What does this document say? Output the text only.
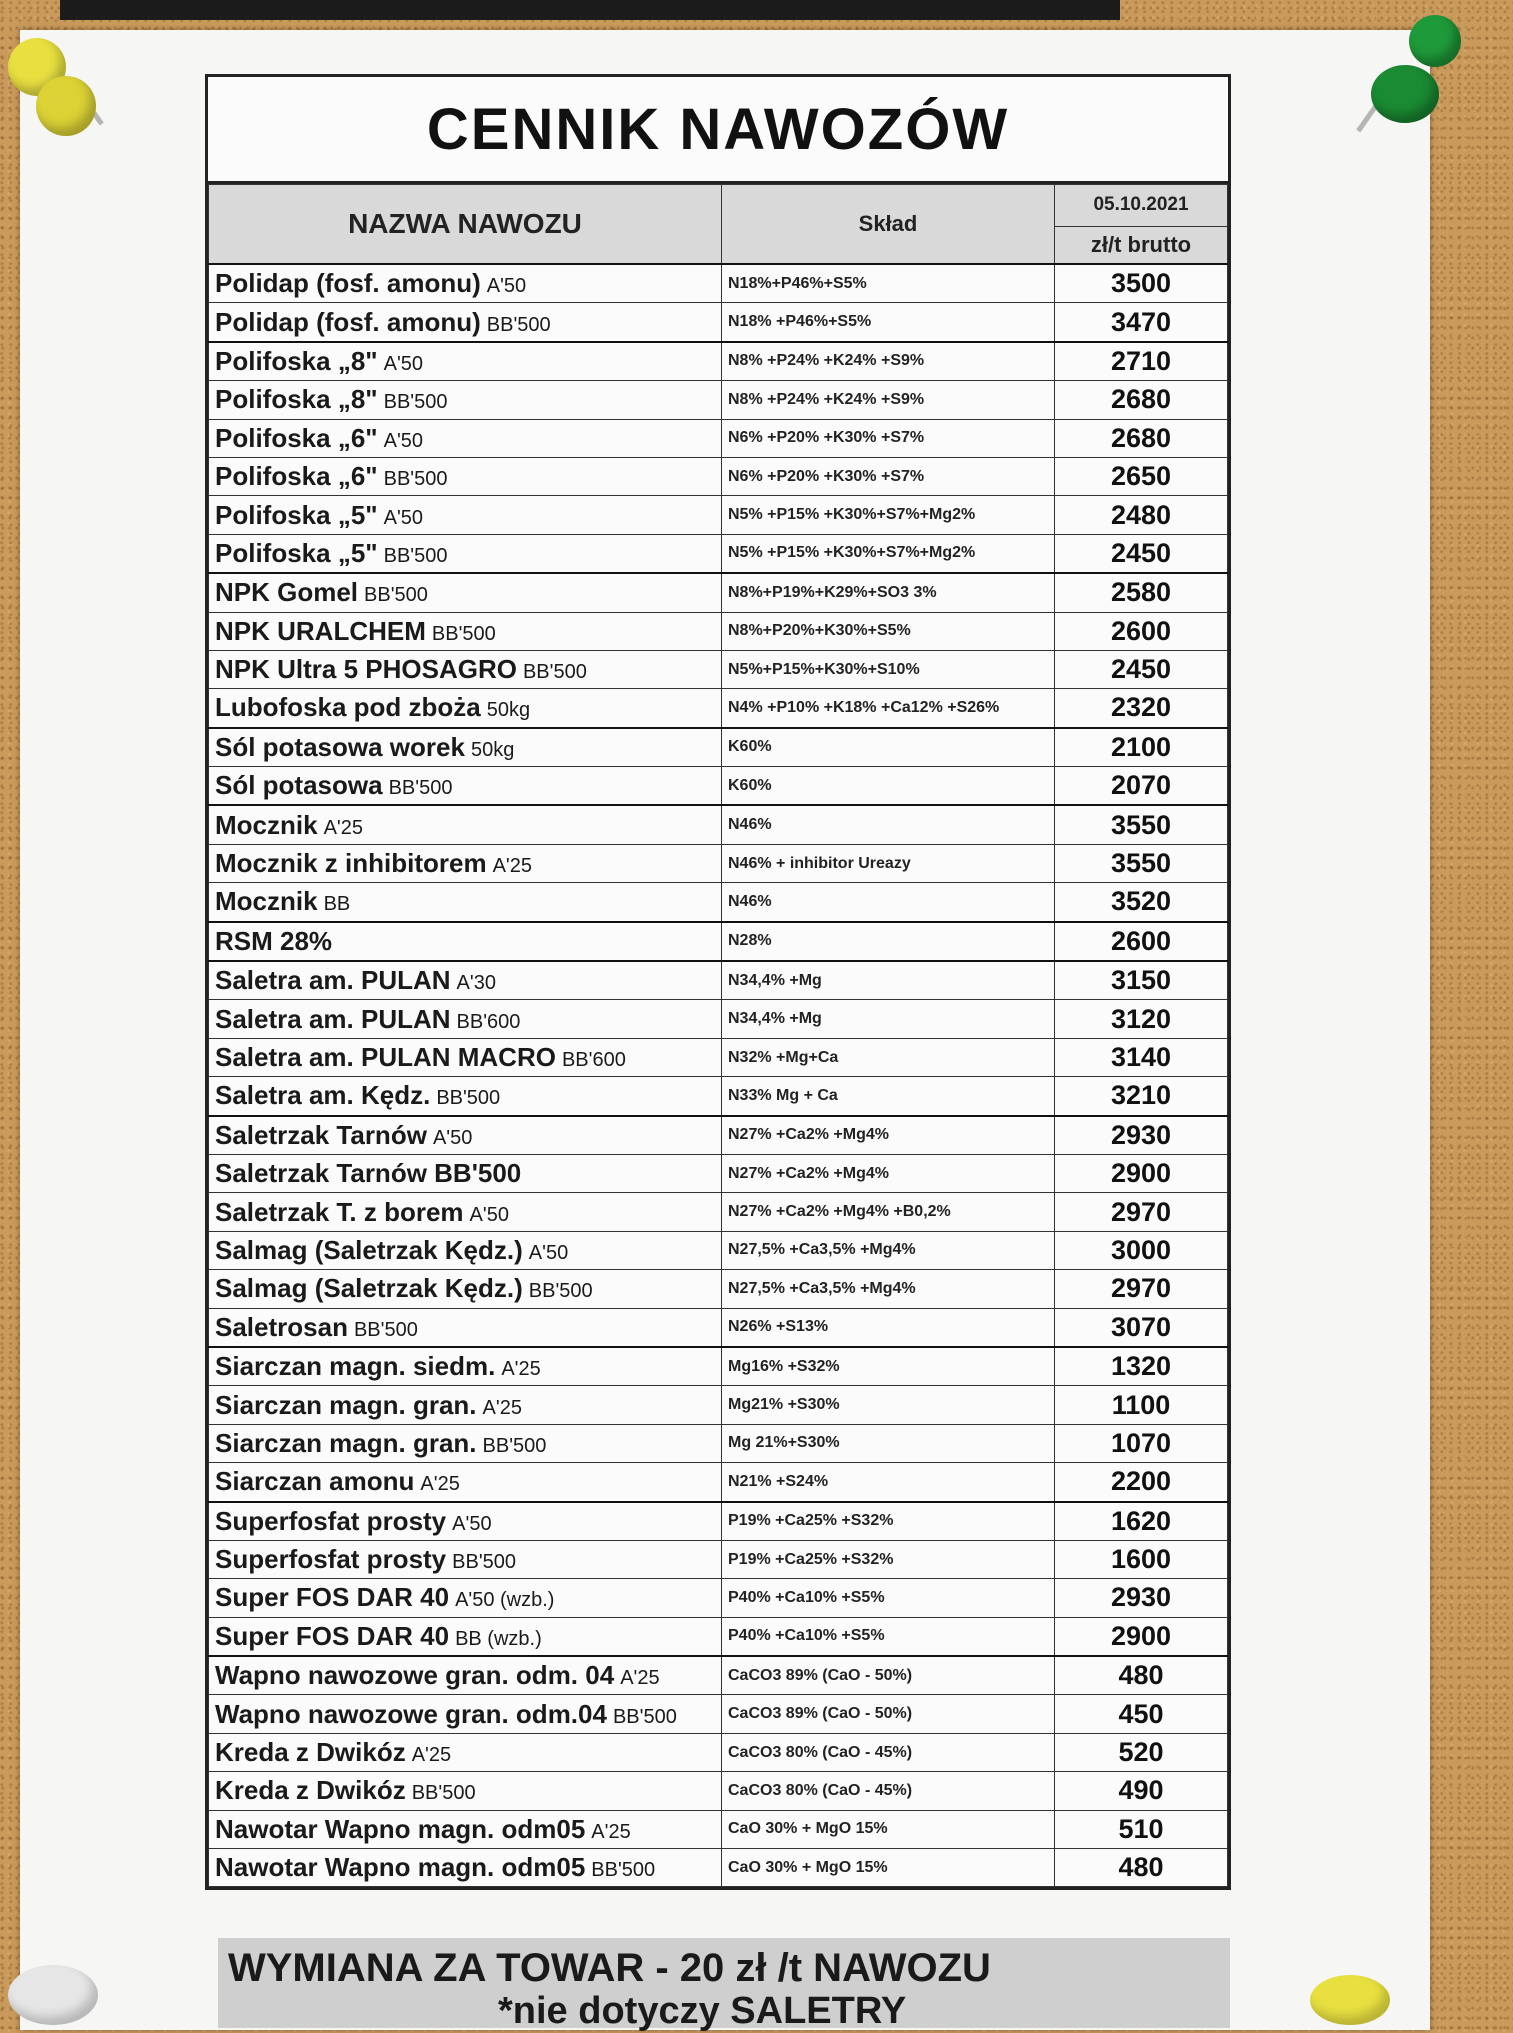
CENNIK NAWOZÓW
NAZWA NAWOZU	Skład	05.10.2021
		zł/t brutto
Polidap (fosf. amonu) A'50	N18%+P46%+S5%	3500
Polidap (fosf. amonu) BB'500	N18% +P46%+S5%	3470
Polifoska „8" A'50	N8% +P24% +K24% +S9%	2710
Polifoska „8" BB'500	N8% +P24% +K24% +S9%	2680
Polifoska „6" A'50	N6% +P20% +K30% +S7%	2680
Polifoska „6" BB'500	N6% +P20% +K30% +S7%	2650
Polifoska „5" A'50	N5% +P15% +K30%+S7%+Mg2%	2480
Polifoska „5" BB'500	N5% +P15% +K30%+S7%+Mg2%	2450
NPK Gomel BB'500	N8%+P19%+K29%+SO3 3%	2580
NPK URALCHEM BB'500	N8%+P20%+K30%+S5%	2600
NPK Ultra 5 PHOSAGRO BB'500	N5%+P15%+K30%+S10%	2450
Lubofoska pod zboża 50kg	N4% +P10% +K18% +Ca12% +S26%	2320
Sól potasowa worek 50kg	K60%	2100
Sól potasowa BB'500	K60%	2070
Mocznik A'25	N46%	3550
Mocznik z inhibitorem A'25	N46% + inhibitor Ureazy	3550
Mocznik BB	N46%	3520
RSM 28%	N28%	2600
Saletra am. PULAN A'30	N34,4% +Mg	3150
Saletra am. PULAN BB'600	N34,4% +Mg	3120
Saletra am. PULAN MACRO BB'600	N32% +Mg+Ca	3140
Saletra am. Kędz. BB'500	N33% Mg + Ca	3210
Saletrzak Tarnów A'50	N27% +Ca2% +Mg4%	2930
Saletrzak Tarnów BB'500	N27% +Ca2% +Mg4%	2900
Saletrzak T. z borem A'50	N27% +Ca2% +Mg4% +B0,2%	2970
Salmag (Saletrzak Kędz.) A'50	N27,5% +Ca3,5% +Mg4%	3000
Salmag (Saletrzak Kędz.) BB'500	N27,5% +Ca3,5% +Mg4%	2970
Saletrosan BB'500	N26% +S13%	3070
Siarczan magn. siedm. A'25	Mg16% +S32%	1320
Siarczan magn. gran. A'25	Mg21% +S30%	1100
Siarczan magn. gran. BB'500	Mg 21%+S30%	1070
Siarczan amonu A'25	N21% +S24%	2200
Superfosfat prosty A'50	P19% +Ca25% +S32%	1620
Superfosfat prosty BB'500	P19% +Ca25% +S32%	1600
Super FOS DAR 40 A'50 (wzb.)	P40% +Ca10% +S5%	2930
Super FOS DAR 40 BB (wzb.)	P40% +Ca10% +S5%	2900
Wapno nawozowe gran. odm. 04 A'25	CaCO3 89% (CaO - 50%)	480
Wapno nawozowe gran. odm.04 BB'500	CaCO3 89% (CaO - 50%)	450
Kreda z Dwikóz A'25	CaCO3 80% (CaO - 45%)	520
Kreda z Dwikóz BB'500	CaCO3 80% (CaO - 45%)	490
Nawotar Wapno magn. odm05 A'25	CaO 30% + MgO 15%	510
Nawotar Wapno magn. odm05 BB'500	CaO 30% + MgO 15%	480
WYMIANA ZA TOWAR - 20 zł /t NAWOZU
*nie dotyczy SALETRY
